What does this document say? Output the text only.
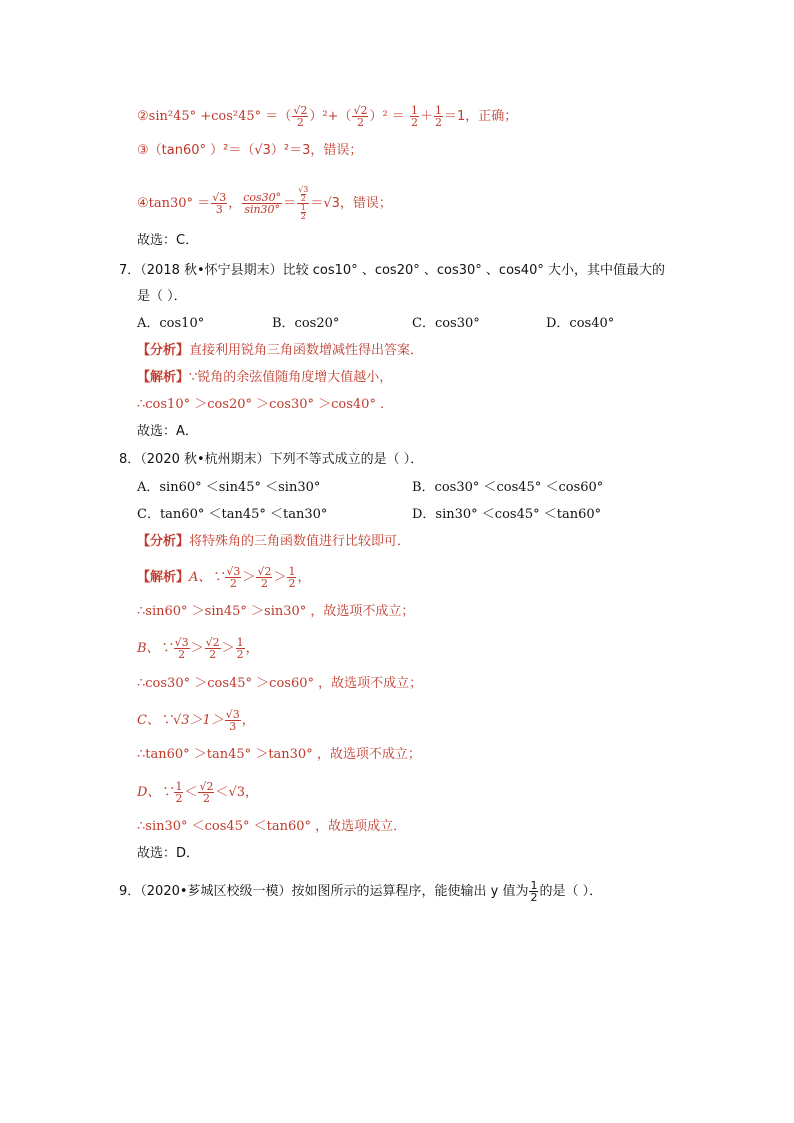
②sin²45° +cos²45° ＝（ $\frac{√2}{2} )^2+( \frac{√2}{2} )^2 = \frac{1}{2} + \frac{1}{2} =1$，正确；
③（tan60° ）²＝（√3）²＝3，错误；
④tan30° ＝ $\frac{√3}{3}$ ， $\frac{\cos 30^\circ}{\sin 30^\circ} = √3$
2
1
2 ＝√3，错误；
故选：C．
7．（2018 秋•怀宁县期末）比较 cos10° 、cos20° 、cos30° 、cos40° 大小，其中值最大的
是（ ）．
A．cos10°	B．cos20°	C．cos30°	D．cos40°
【分析】直接利用锐角三角函数增减性得出答案．
【解析】∵锐角的余弦值随角度增大值越小，
∴cos10° ＞cos20° ＞cos30° ＞cos40° ．
故选：A．
8．（2020 秋•杭州期末）下列不等式成立的是（ ）．
A．sin60° ＜sin45° ＜sin30°	B．cos30° ＜cos45° ＜cos60°
C．tan60° ＜tan45° ＜tan30°	D．sin30° ＜cos45° ＜tan60°
【分析】将特殊角的三角函数值进行比较即可．
【解析】A、∵ $\frac{√3}{2} > \frac{√2}{2} > \frac{1}{2}$ ，
∴sin60° ＞sin45° ＞sin30° ，故选项不成立；
B、∵ $\frac{√3}{2} > \frac{√2}{2} > \frac{1}{2}$ ，
∴cos30° ＞cos45° ＞cos60° ，故选项不成立；
C、∵√3＞1＞ $\frac{√3}{3}$ ，
∴tan60° ＞tan45° ＞tan30° ，故选项不成立；
D、∵ $\frac{1}{2} < \frac{√2}{2} <√3$，
∴sin30° ＜cos45° ＜tan60° ，故选项成立．
故选：D．
9．（2020•芗城区校级一模）按如图所示的运算程序，能使输出 y 值为 $\frac{1}{2}$ 的是（ ）．
